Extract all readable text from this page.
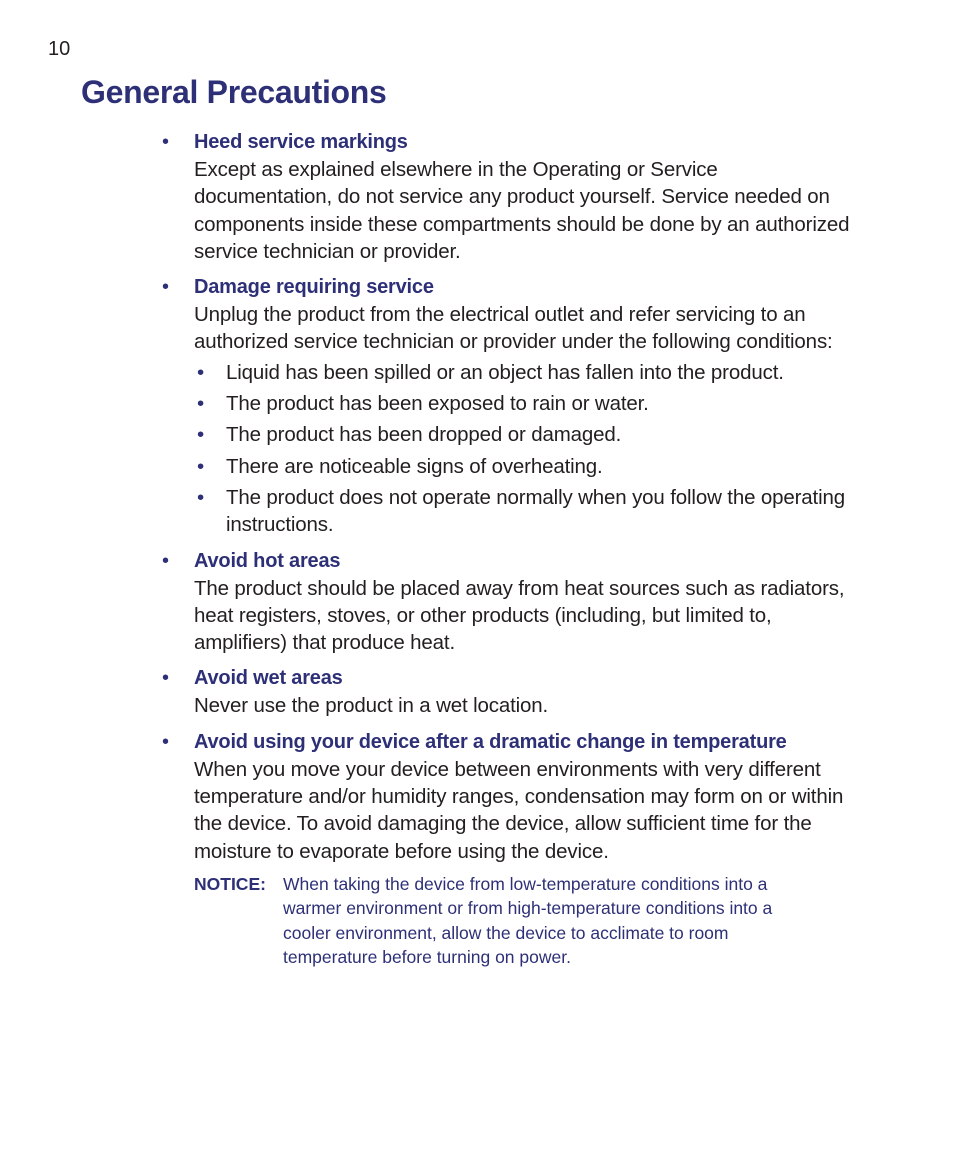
10
General Precautions
• Heed service markings
Except as explained elsewhere in the Operating or Service documentation, do not service any product yourself. Service needed on components inside these compartments should be done by an authorized service technician or provider.
• Damage requiring service
Unplug the product from the electrical outlet and refer servicing to an authorized service technician or provider under the following conditions:
• Liquid has been spilled or an object has fallen into the product.
• The product has been exposed to rain or water.
• The product has been dropped or damaged.
• There are noticeable signs of overheating.
• The product does not operate normally when you follow the operating instructions.
• Avoid hot areas
The product should be placed away from heat sources such as radiators, heat registers, stoves, or other products (including, but limited to, amplifiers) that produce heat.
• Avoid wet areas
Never use the product in a wet location.
• Avoid using your device after a dramatic change in temperature
When you move your device between environments with very different temperature and/or humidity ranges, condensation may form on or within the device. To avoid damaging the device, allow sufficient time for the moisture to evaporate before using the device.
NOTICE: When taking the device from low-temperature conditions into a warmer environment or from high-temperature conditions into a cooler environment, allow the device to acclimate to room temperature before turning on power.
